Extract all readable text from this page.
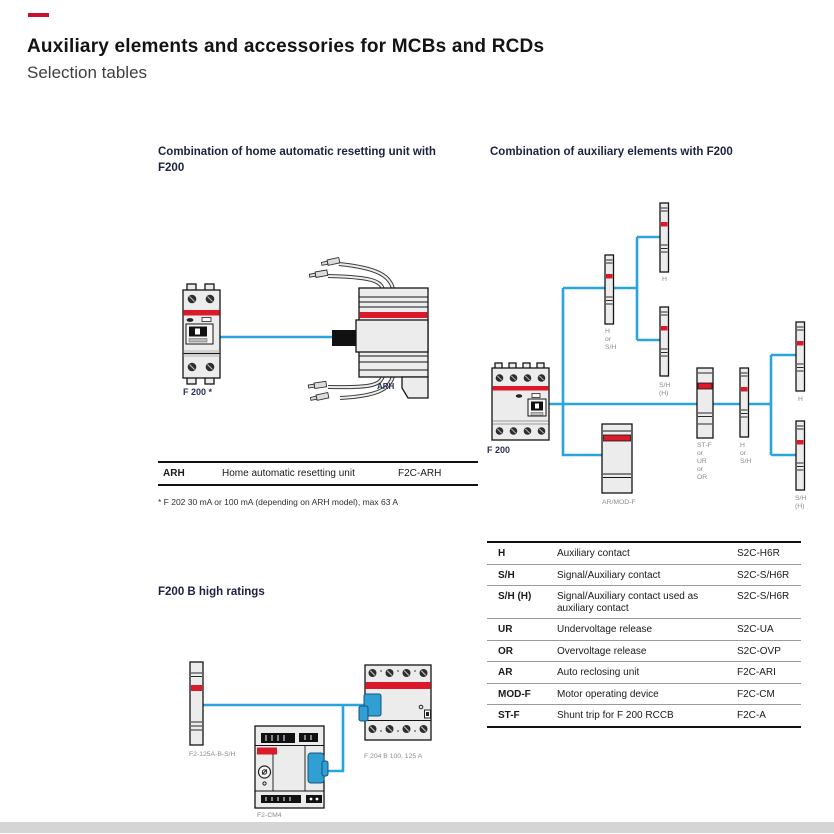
Auxiliary elements and accessories for MCBs and RCDs
Selection tables
Combination of home automatic resetting unit with F200
Combination of auxiliary elements with F200
F200 B high ratings
F 200 *
ARH
ARH	Home automatic resetting unit	F2C-ARH
* F 202 30 mA or 100 mA (depending on ARH model), max 63 A
F2-125A-B-S/H
F2-CM4
F 204 B 100, 125 A
F 200
H
H
or
S/H
S/H
(H)
AR/MOD-F
ST-F
or
UR
or
OR
H
or
S/H
H
S/H
(H)
H	Auxiliary contact	S2C-H6R
S/H	Signal/Auxiliary contact	S2C-S/H6R
S/H (H)	Signal/Auxiliary contact used as auxiliary contact	S2C-S/H6R
UR	Undervoltage release	S2C-UA
OR	Overvoltage release	S2C-OVP
AR	Auto reclosing unit	F2C-ARI
MOD-F	Motor operating device	F2C-CM
ST-F	Shunt trip for F 200 RCCB	F2C-A
